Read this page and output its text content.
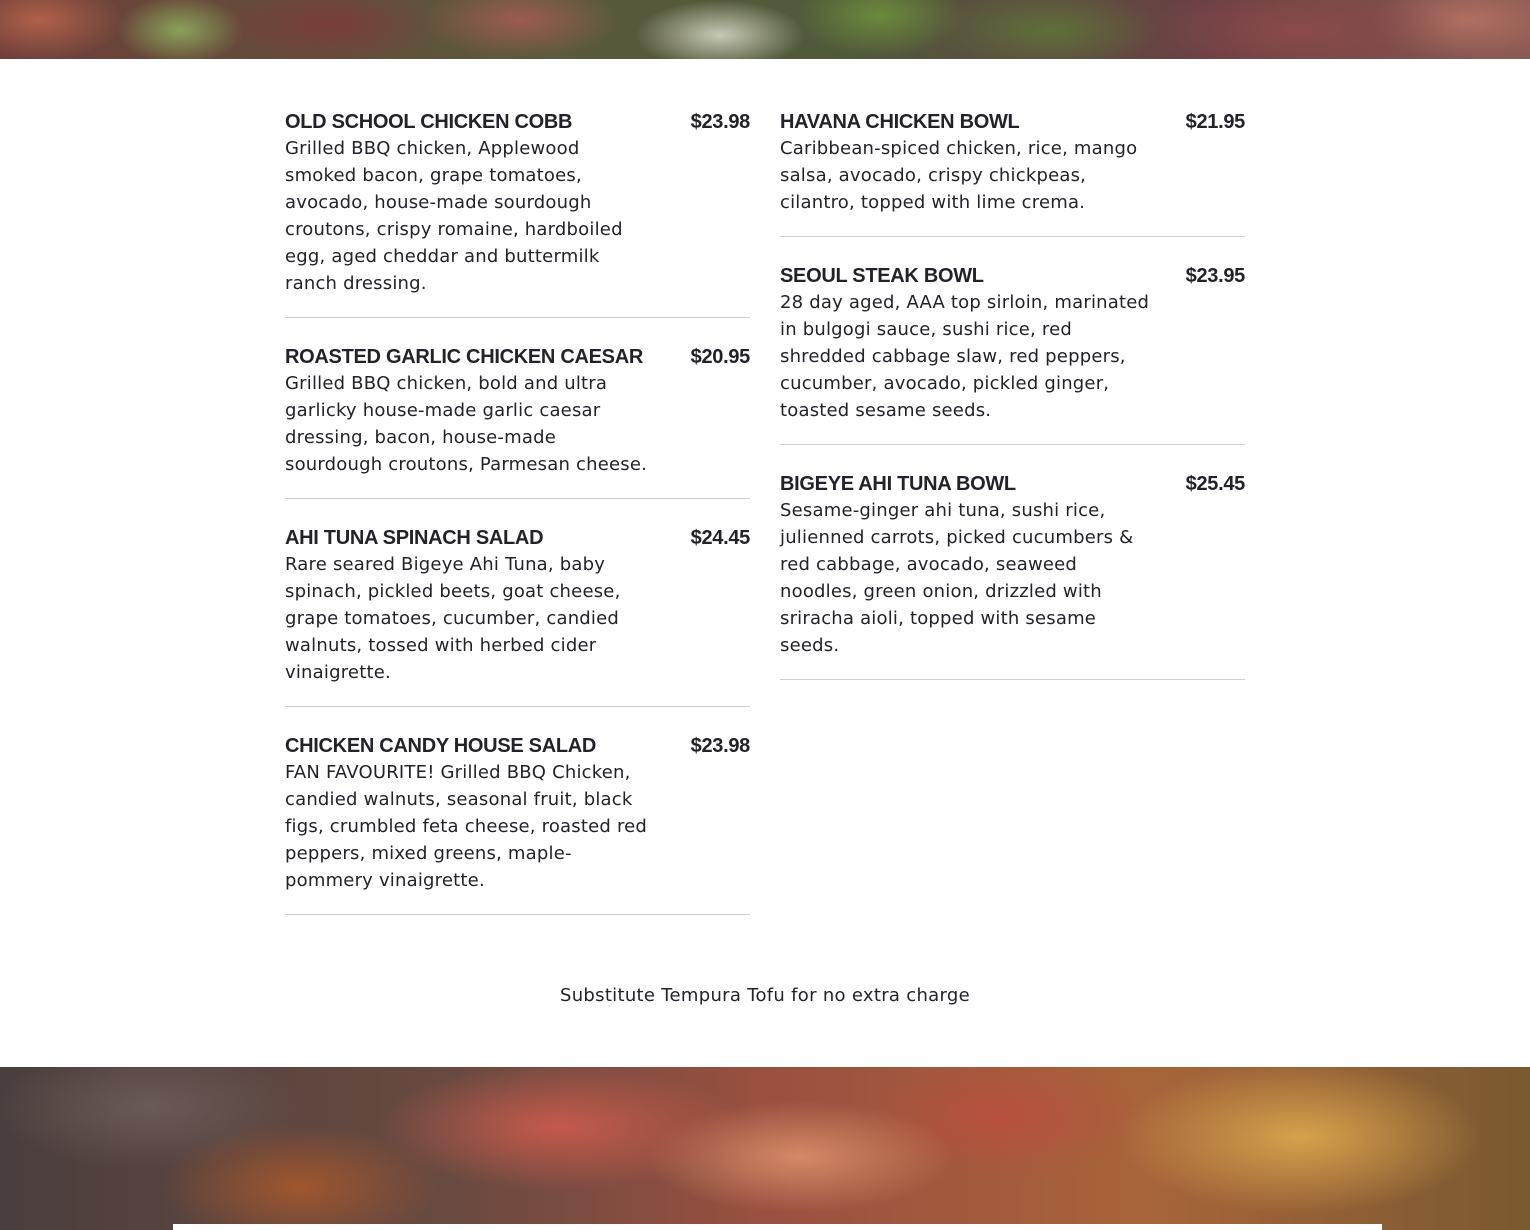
OLD SCHOOL CHICKEN COBB	$23.98

Grilled BBQ chicken, Applewood smoked bacon, grape tomatoes, avocado, house-made sourdough croutons, crispy romaine, hardboiled egg, aged cheddar and buttermilk ranch dressing.

ROASTED GARLIC CHICKEN CAESAR $20.95

Grilled BBQ chicken, bold and ultra garlicky house-made garlic caesar dressing, bacon, house-made sourdough croutons, Parmesan cheese.

AHI TUNA SPINACH SALAD	$24.45

Rare seared Bigeye Ahi Tuna, baby spinach, pickled beets, goat cheese, grape tomatoes, cucumber, candied walnuts, tossed with herbed cider vinaigrette.

CHICKEN CANDY HOUSE SALAD	$23.98

FAN FAVOURITE! Grilled BBQ Chicken, candied walnuts, seasonal fruit, black figs, crumbled feta cheese, roasted red peppers, mixed greens, maple-pommery vinaigrette.

HAVANA CHICKEN BOWL	$21.95

Caribbean-spiced chicken, rice, mango salsa, avocado, crispy chickpeas, cilantro, topped with lime crema.

SEOUL STEAK BOWL	$23.95

28 day aged, AAA top sirloin, marinated in bulgogi sauce, sushi rice, red shredded cabbage slaw, red peppers, cucumber, avocado, pickled ginger, toasted sesame seeds.

BIGEYE AHI TUNA BOWL	$25.45

Sesame-ginger ahi tuna, sushi rice, julienned carrots, picked cucumbers & red cabbage, avocado, seaweed noodles, green onion, drizzled with sriracha aioli, topped with sesame seeds.

Substitute Tempura Tofu for no extra charge
